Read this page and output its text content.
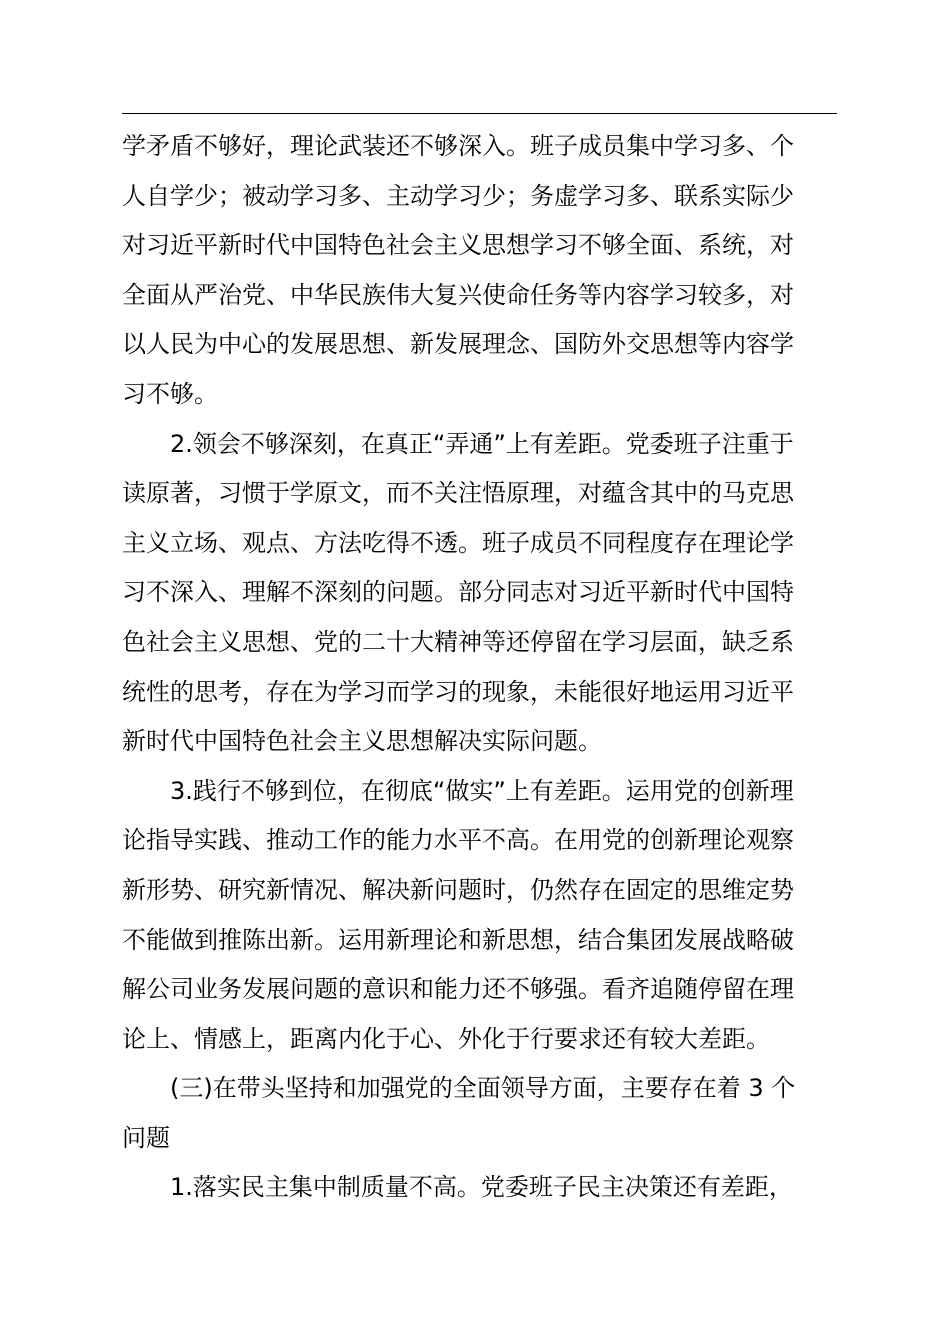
学矛盾不够好，理论武装还不够深入。班子成员集中学习多、个
人自学少；被动学习多、主动学习少；务虚学习多、联系实际少
对习近平新时代中国特色社会主义思想学习不够全面、系统，对
全面从严治党、中华民族伟大复兴使命任务等内容学习较多，对
以人民为中心的发展思想、新发展理念、国防外交思想等内容学
习不够。
2.领会不够深刻，在真正“弄通”上有差距。党委班子注重于
读原著，习惯于学原文，而不关注悟原理，对蕴含其中的马克思
主义立场、观点、方法吃得不透。班子成员不同程度存在理论学
习不深入、理解不深刻的问题。部分同志对习近平新时代中国特
色社会主义思想、党的二十大精神等还停留在学习层面，缺乏系
统性的思考，存在为学习而学习的现象，未能很好地运用习近平
新时代中国特色社会主义思想解决实际问题。
3.践行不够到位，在彻底“做实”上有差距。运用党的创新理
论指导实践、推动工作的能力水平不高。在用党的创新理论观察
新形势、研究新情况、解决新问题时，仍然存在固定的思维定势
不能做到推陈出新。运用新理论和新思想，结合集团发展战略破
解公司业务发展问题的意识和能力还不够强。看齐追随停留在理
论上、情感上，距离内化于心、外化于行要求还有较大差距。
(三)在带头坚持和加强党的全面领导方面，主要存在着 3 个
问题
1.落实民主集中制质量不高。党委班子民主决策还有差距，
